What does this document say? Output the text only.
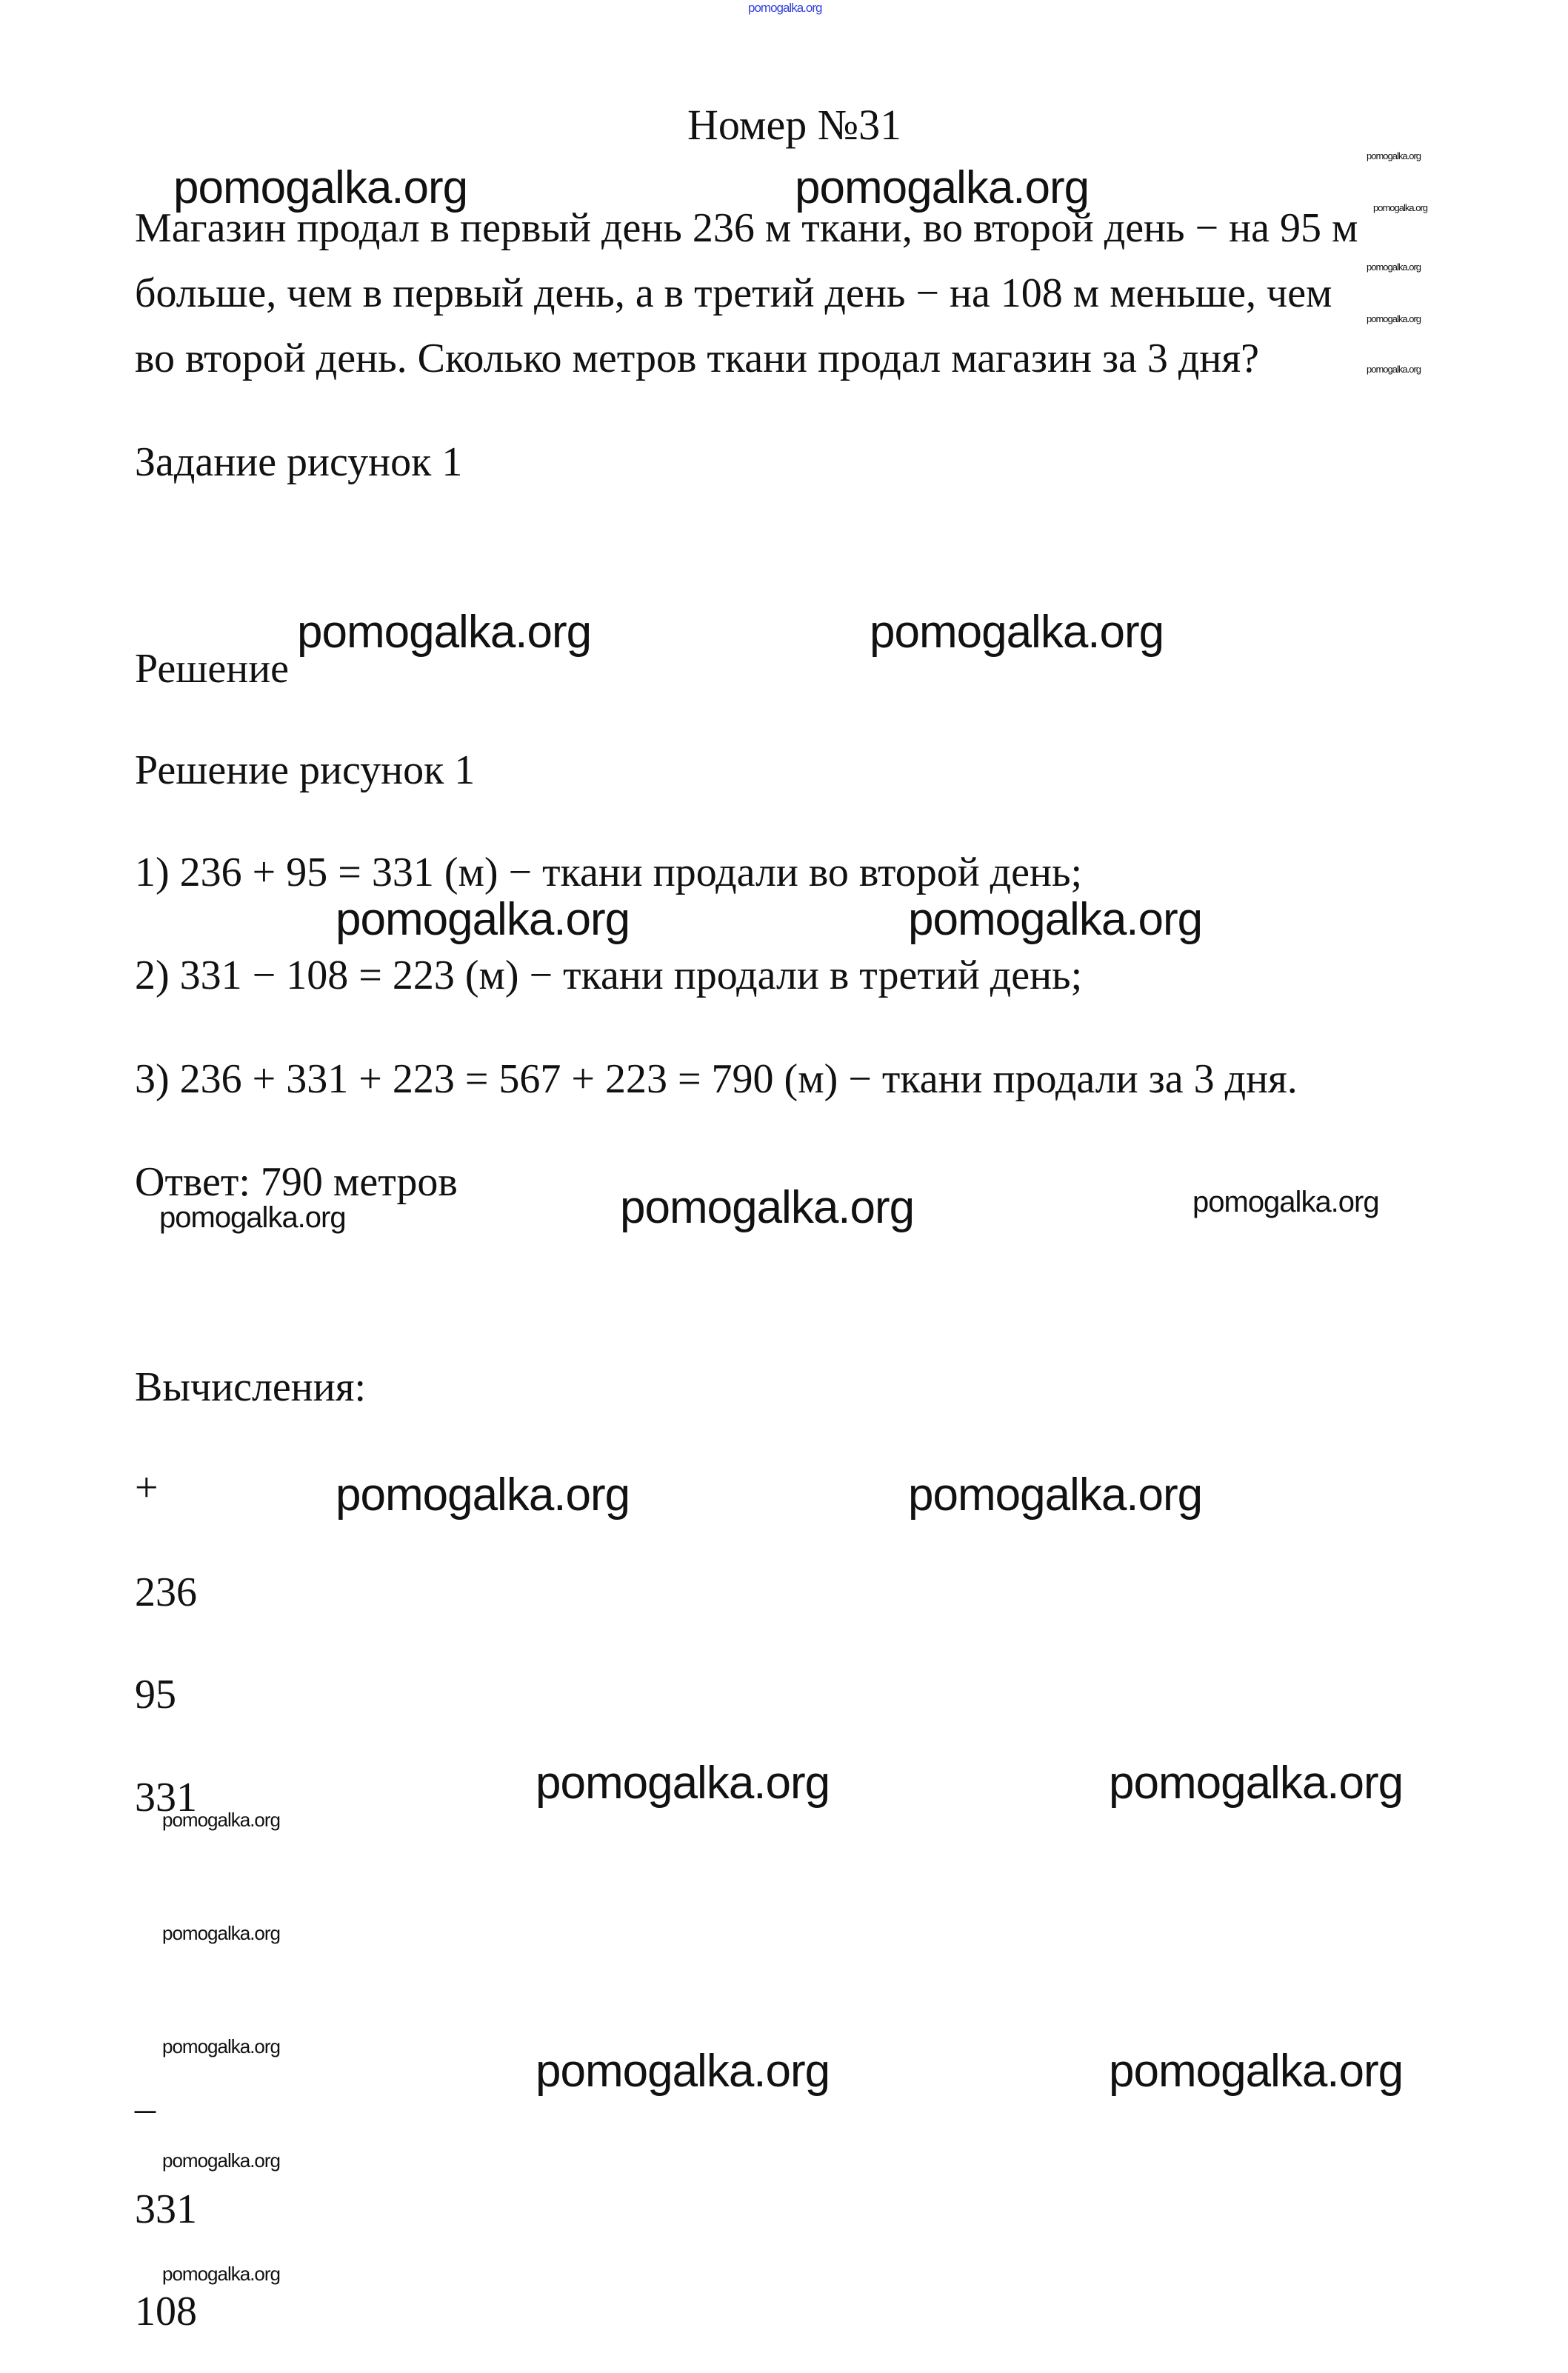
pomogalka.org
Номер №31
Магазин продал в первый день 236 м ткани, во второй день − на 95 м
больше, чем в первый день, а в третий день − на 108 м меньше, чем
во второй день. Сколько метров ткани продал магазин за 3 дня?
Задание рисунок 1
Решение
Решение рисунок 1
1) 236 + 95 = 331 (м) − ткани продали во второй день;
2) 331 − 108 = 223 (м) − ткани продали в третий день;
3) 236 + 331 + 223 = 567 + 223 = 790 (м) − ткани продали за 3 дня.
Ответ: 790 метров
Вычисления:
+
236
95
331
_
331
108
pomogalka.org	pomogalka.org
pomogalka.org	pomogalka.org
pomogalka.org	pomogalka.org
pomogalka.org
pomogalka.org	pomogalka.org
pomogalka.org	pomogalka.org
pomogalka.org	pomogalka.org
pomogalka.org	pomogalka.org
pomogalka.org
pomogalka.org
pomogalka.org
pomogalka.org
pomogalka.org
pomogalka.org
pomogalka.org
pomogalka.org
pomogalka.org
pomogalka.org
